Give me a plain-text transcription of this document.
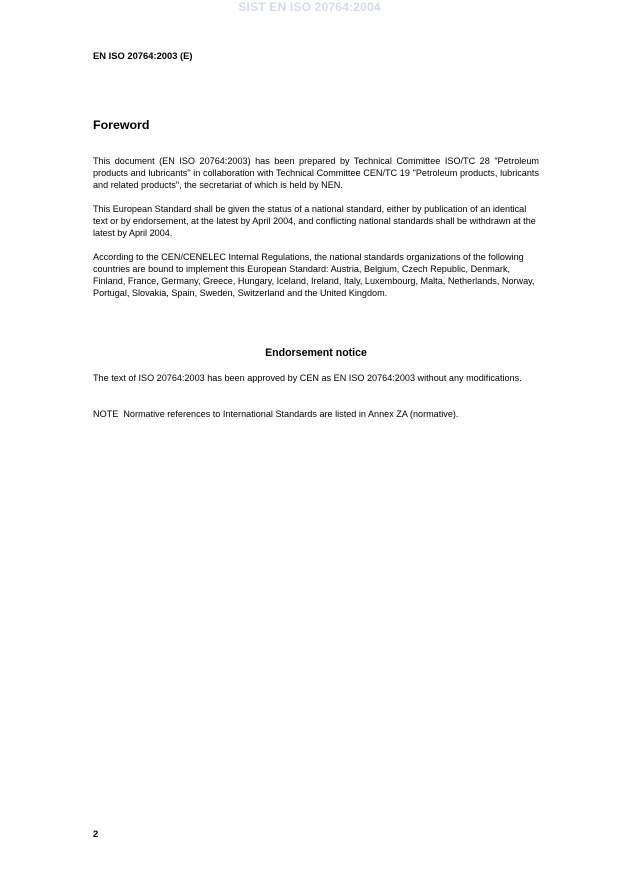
SIST EN ISO 20764:2004
EN ISO 20764:2003 (E)
Foreword

This document (EN ISO 20764:2003) has been prepared by Technical Committee ISO/TC 28 "Petroleum products and lubricants" in collaboration with Technical Committee CEN/TC 19 "Petroleum products, lubricants and related products", the secretariat of which is held by NEN.

This European Standard shall be given the status of a national standard, either by publication of an identical text or by endorsement, at the latest by April 2004, and conflicting national standards shall be withdrawn at the latest by April 2004.

According to the CEN/CENELEC Internal Regulations, the national standards organizations of the following countries are bound to implement this European Standard: Austria, Belgium, Czech Republic, Denmark, Finland, France, Germany, Greece, Hungary, Iceland, Ireland, Italy, Luxembourg, Malta, Netherlands, Norway, Portugal, Slovakia, Spain, Sweden, Switzerland and the United Kingdom.

Endorsement notice

The text of ISO 20764:2003 has been approved by CEN as EN ISO 20764:2003 without any modifications.

NOTE  Normative references to International Standards are listed in Annex ZA (normative).

2
